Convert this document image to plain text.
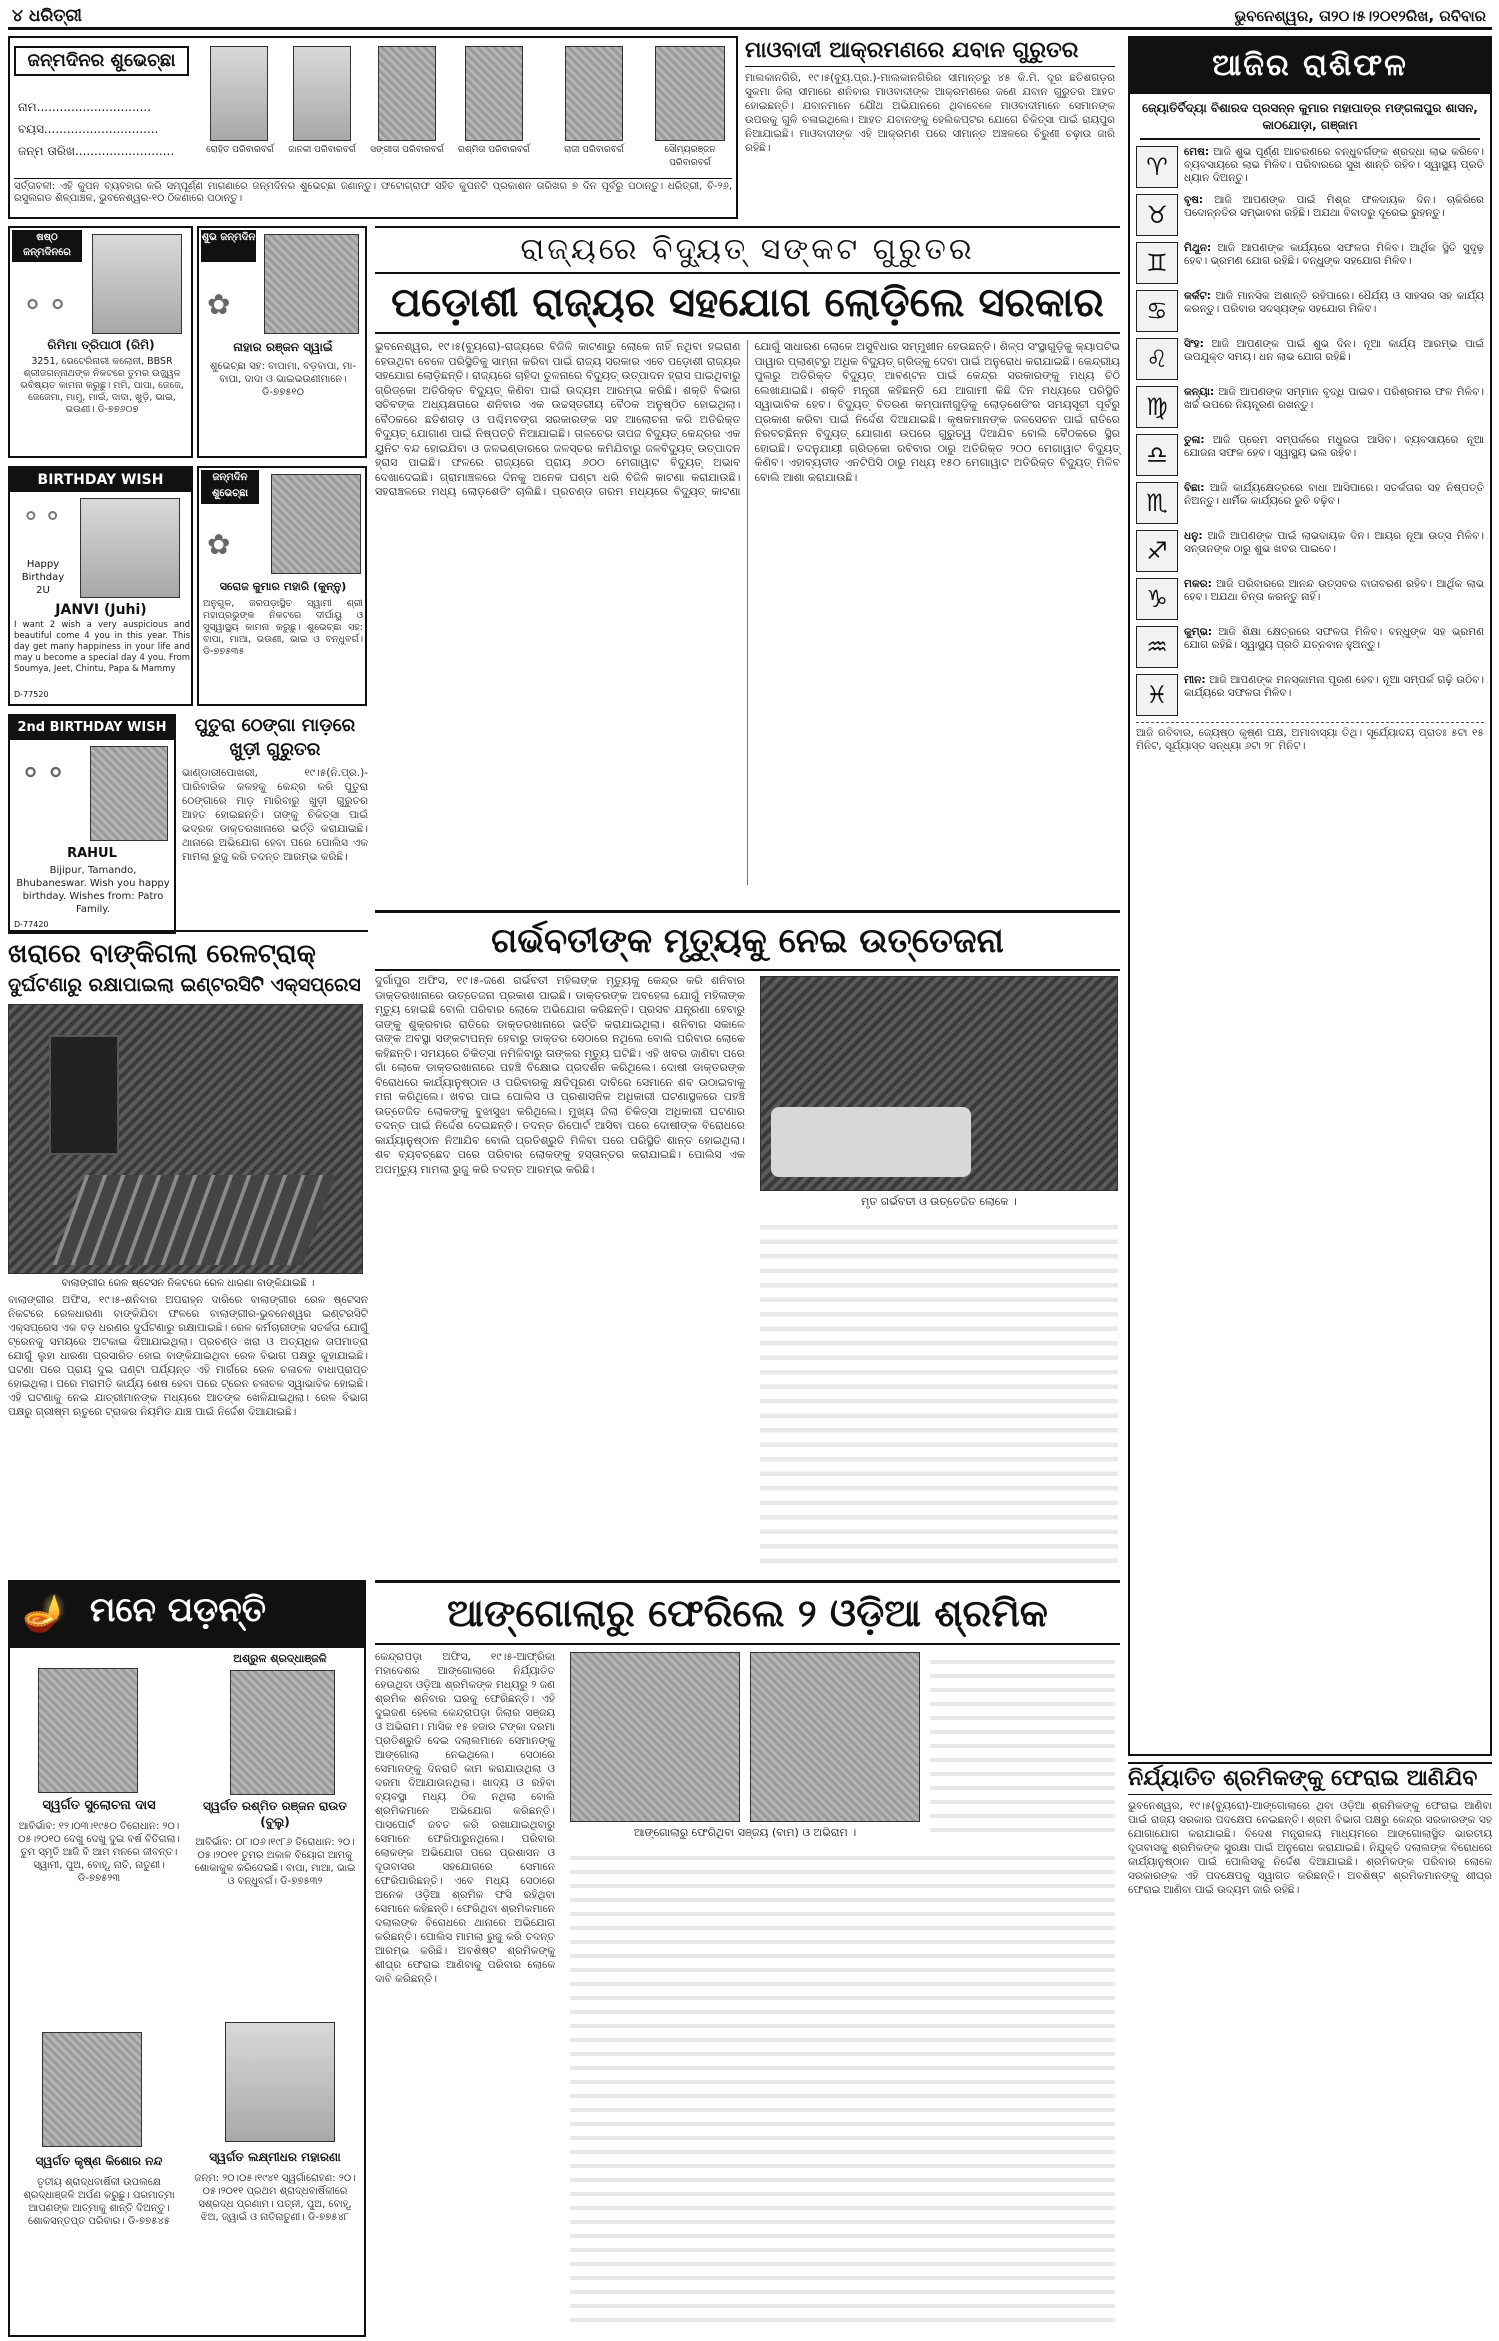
୪ ଧରିତ୍ରୀ	ଭୁବନେଶ୍ୱର, ତା୨୦।୫।୨୦୧୨ରିଖ, ରବିବାର
ଜନ୍ମଦିନର ଶୁଭେଚ୍ଛା
ନାମ..............................
ବୟସ..............................
ଜନ୍ମ ତାରିଖ..........................	ରୋହିତ ପରିବାରବର୍ଗ	ଜାନକୀ ପରିବାରବର୍ଗ	ସଙ୍ଗୀତା ପରିବାରବର୍ଗ	ରଶ୍ମିତା ପରିବାରବର୍ଗ	ରାଜୀ ପରିବାରବର୍ଗ	ସୌମ୍ୟରଞ୍ଜନ ପରିବାରବର୍ଗ
ସର୍ତ୍ତାବଳୀ: ଏହି କୁପନ ବ୍ୟବହାର କରି ସମ୍ପୂର୍ଣ୍ଣ ମାଗଣାରେ ଜନ୍ମଦିନର ଶୁଭେଚ୍ଛା ଜଣାନ୍ତୁ। ଫଟୋଗ୍ରାଫ ସହିତ କୁପନଟି ପ୍ରକାଶନ ତାରିଖର ୭ ଦିନ ପୂର୍ବରୁ ପଠାନ୍ତୁ। ଧରିତ୍ରୀ, ବି-୨୬, ରସୁଲଗଡ ଶିଳ୍ପାଞ୍ଚଳ, ଭୁବନେଶ୍ୱର-୧୦ ଠିକଣାରେ ପଠାନ୍ତୁ।
ଷଷ୍ଠ ଜନ୍ମଦିନରେ ଶୁଭେଚ୍ଛା
⚬⚬
ରିମିମା ତ୍ରିପାଠୀ (ରିମି)
3251, ଭେଟେରିନାରୀ କଲୋନୀ, BBSR ଶ୍ରୀଜଗନ୍ନାଥଙ୍କ ନିକଟରେ ତୁମର ଉଜ୍ଜ୍ୱଳ ଭବିଷ୍ୟତ କାମନା କରୁଛୁ। ମମି, ପାପା, ଜେଜେ, ଜେଜେମା, ମାମୁ, ମାଇଁ, ଦାଦା, ଖୁଡ଼ି, ଭାଇ, ଭଉଣୀ। ଡି-୭୭୬୦୭
ଶୁଭ ଜନ୍ମଦିନ
✿
ନାହାର ରଞ୍ଜନ ସ୍ୱାଇଁ
ଶୁଭେଚ୍ଛା ସହ: ବାପାମା, ବଡ଼ବାପା, ମା-ବାପା, ଦାଦା ଓ ଭାଇଭଉଣୀମାନେ। ଡି-୭୭୫୧୦
BIRTHDAY WISH
⚬⚬
Happy Birthday 2U
JANVI (Juhi)
I want 2 wish a very auspicious and beautiful come 4 you in this year. This day get many happiness in your life and may u become a special day 4 you. From Soumya, Jeet, Chintu, Papa & Mammy
D-77520
ଜନ୍ମଦିନ ଶୁଭେଚ୍ଛା
✿
ସରୋଜ କୁମାର ମହାରି (କୁନ୍ନୁ)
ଅନୁଗୁଳ, ଜରପଡ଼ାସ୍ଥିତ ସ୍ୱାମୀ ଶ୍ରୀ ମହାପ୍ରଭୁଙ୍କ ନିକଟରେ ଦୀର୍ଘାୟୁ ଓ ସୁସ୍ୱାସ୍ଥ୍ୟ କାମନା କରୁଛୁ। ଶୁଭେଚ୍ଛା ସହ: ବାପା, ମାଆ, ଭଉଣୀ, ଭାଇ ଓ ବନ୍ଧୁବର୍ଗ। ଡି-୭୭୫୩୫
2nd BIRTHDAY WISH
⚬⚬
RAHUL
Bijipur, Tamando, Bhubaneswar. Wish you happy birthday. Wishes from: Patro Family.
D-77420
ପୁତୁରା ଠେଙ୍ଗା ମାଡ଼ରେ ଖୁଡ଼ୀ ଗୁରୁତର
ଭାଣ୍ଡାରୀପୋଖରୀ, ୧୯।୫(ନି.ପ୍ର.)-ପାରିବାରିକ କଳହକୁ କେନ୍ଦ୍ର କରି ପୁତୁରା ଠେଙ୍ଗାରେ ମାଡ଼ ମାରିବାରୁ ଖୁଡ଼ୀ ଗୁରୁତର ଆହତ ହୋଇଛନ୍ତି। ତାଙ୍କୁ ଚିକିତ୍ସା ପାଇଁ ଭଦ୍ରକ ଡାକ୍ତରଖାନାରେ ଭର୍ତ୍ତି କରାଯାଇଛି। ଥାନାରେ ଅଭିଯୋଗ ହେବା ପରେ ପୋଲିସ ଏକ ମାମଲା ରୁଜୁ କରି ତଦନ୍ତ ଆରମ୍ଭ କରିଛି।
ଖରାରେ ବାଙ୍କିଗଲା ରେଳଟ୍ରାକ୍
ଦୁର୍ଘଟଣାରୁ ରକ୍ଷାପାଇଲା ଇଣ୍ଟରସିଟି ଏକ୍ସପ୍ରେସ
ବାଲାଙ୍ଗୀର ରେଳ ଷ୍ଟେସନ ନିକଟରେ ରେଳ ଧାରଣା ବାଙ୍କିଯାଇଛି ।
ବାଲାଙ୍ଗୀର ଅଫିସ, ୧୯।୫-ଶନିବାର ଅପରାହ୍ନ ଦାରିରେ ବାଲାଙ୍ଗୀର ରେଳ ଷ୍ଟେସନ ନିକଟରେ ରେଳଧାରଣା ବାଙ୍କିଯିବା ଫଳରେ ବାଲାଙ୍ଗୀର-ଭୁବନେଶ୍ୱର ଇଣ୍ଟରସିଟି ଏକ୍ସପ୍ରେସ ଏକ ବଡ଼ ଧରଣର ଦୁର୍ଘଟଣାରୁ ରକ୍ଷାପାଇଛି। ରେଳ କର୍ମଚାରୀଙ୍କ ସତର୍କତା ଯୋଗୁଁ ଟ୍ରେନକୁ ସମୟରେ ଅଟକାଇ ଦିଆଯାଇଥିଲା। ପ୍ରଚଣ୍ଡ ଖରା ଓ ଅତ୍ୟଧିକ ତାପମାତ୍ରା ଯୋଗୁଁ ଲୁହା ଧାରଣା ପ୍ରସାରିତ ହୋଇ ବାଙ୍କିଯାଇଥିବା ରେଳ ବିଭାଗ ପକ୍ଷରୁ କୁହାଯାଇଛି। ଘଟଣା ପରେ ପ୍ରାୟ ଦୁଇ ଘଣ୍ଟା ପର୍ଯ୍ୟନ୍ତ ଏହି ମାର୍ଗରେ ରେଳ ଚଳାଚଳ ବାଧାପ୍ରାପ୍ତ ହୋଇଥିଲା। ପରେ ମରାମତି କାର୍ଯ୍ୟ ଶେଷ ହେବା ପରେ ଟ୍ରେନ ଚଳାଚଳ ସ୍ୱାଭାବିକ ହୋଇଛି। ଏହି ଘଟଣାକୁ ନେଇ ଯାତ୍ରୀମାନଙ୍କ ମଧ୍ୟରେ ଆତଙ୍କ ଖେଳିଯାଇଥିଲା। ରେଳ ବିଭାଗ ପକ୍ଷରୁ ଗ୍ରୀଷ୍ମ ଋତୁରେ ଟ୍ରାକର ନିୟମିତ ଯାଞ୍ଚ ପାଇଁ ନିର୍ଦ୍ଦେଶ ଦିଆଯାଇଛି।
ମାଓବାଦୀ ଆକ୍ରମଣରେ ଯବାନ ଗୁରୁତର
ମାଲକାନଗିରି, ୧୯।୫(ବ୍ୟୁ.ପ୍ର.)-ମାଲକାନଗିରିର ସୀମାନ୍ତରୁ ୪୫ କି.ମି. ଦୂର ଛତିଶଗଡ଼ର ସୁକମା ଜିଲା ସୀମାରେ ଶନିବାର ମାଓବାଦୀଙ୍କ ଆକ୍ରମଣରେ ଜଣେ ଯବାନ ଗୁରୁତର ଆହତ ହୋଇଛନ୍ତି। ଯବାନମାନେ ଯୌଥ ଅଭିଯାନରେ ଥିବାବେଳେ ମାଓବାଦୀମାନେ ସେମାନଙ୍କ ଉପରକୁ ଗୁଳି ଚଳାଇଥିଲେ। ଆହତ ଯବାନଙ୍କୁ ହେଲିକପ୍ଟର ଯୋଗେ ଚିକିତ୍ସା ପାଇଁ ରାୟପୁର ନିଆଯାଇଛି। ମାଓବାଦୀଙ୍କ ଏହି ଆକ୍ରମଣ ପରେ ସୀମାନ୍ତ ଅଞ୍ଚଳରେ ଚିରୁଣୀ ଚଢ଼ାଉ ଜାରି ରହିଛି।
ରାଜ୍ୟରେ ବିଦ୍ୟୁତ୍ ସଙ୍କଟ ଗୁରୁତର
ପଡ଼ୋଶୀ ରାଜ୍ୟର ସହଯୋଗ ଲୋଡ଼ିଲେ ସରକାର
ଭୁବନେଶ୍ୱର, ୧୯।୫(ବ୍ୟୁରୋ)-ରାଜ୍ୟରେ ବିଜିଳି କାଟଣାରୁ ଲୋକେ ନାହିଁ ନଥିବା ହଇରାଣ ହେଉଥିବା ବେଳେ ପରିସ୍ଥିତିକୁ ସାମ୍ନା କରିବା ପାଇଁ ରାଜ୍ୟ ସରକାର ଏବେ ପଡ଼ୋଶୀ ରାଜ୍ୟର ସହଯୋଗ ଲୋଡ଼ିଛନ୍ତି। ରାଜ୍ୟରେ ଚାହିଦା ତୁଳନାରେ ବିଦ୍ୟୁତ୍ ଉତ୍ପାଦନ ହ୍ରାସ ପାଇଥିବାରୁ ଗ୍ରିଡ୍କୋ ଅତିରିକ୍ତ ବିଦ୍ୟୁତ୍ କିଣିବା ପାଇଁ ଉଦ୍ୟମ ଆରମ୍ଭ କରିଛି। ଶକ୍ତି ବିଭାଗ ସଚିବଙ୍କ ଅଧ୍ୟକ୍ଷତାରେ ଶନିବାର ଏକ ଉଚ୍ଚସ୍ତରୀୟ ବୈଠକ ଅନୁଷ୍ଠିତ ହୋଇଥିଲା। ବୈଠକରେ ଛତିଶଗଡ଼ ଓ ପଶ୍ଚିମବଙ୍ଗ ସରକାରଙ୍କ ସହ ଆଲୋଚନା କରି ଅତିରିକ୍ତ ବିଦ୍ୟୁତ୍ ଯୋଗାଣ ପାଇଁ ନିଷ୍ପତ୍ତି ନିଆଯାଇଛି। ତାଳଚେର ତାପଜ ବିଦ୍ୟୁତ୍ କେନ୍ଦ୍ରର ଏକ ୟୁନିଟ ବନ୍ଦ ହୋଇଯିବା ଓ ଜଳଭଣ୍ଡାରରେ ଜଳସ୍ତର କମିଯିବାରୁ ଜଳବିଦ୍ୟୁତ୍ ଉତ୍ପାଦନ ହ୍ରାସ ପାଇଛି। ଫଳରେ ରାଜ୍ୟରେ ପ୍ରାୟ ୬୦୦ ମେଗାୱାଟ ବିଦ୍ୟୁତ୍ ଅଭାବ ଦେଖାଦେଇଛି। ଗ୍ରାମାଞ୍ଚଳରେ ଦିନକୁ ଅନେକ ଘଣ୍ଟା ଧରି ବିଜିଳି କାଟଣା କରାଯାଉଛି। ସହରାଞ୍ଚଳରେ ମଧ୍ୟ ଲୋଡ଼ଶେଡିଂ ଚାଲିଛି। ପ୍ରଚଣ୍ଡ ଗରମ ମଧ୍ୟରେ ବିଦ୍ୟୁତ୍ କାଟଣା ଯୋଗୁଁ ସାଧାରଣ ଲୋକେ ଅସୁବିଧାର ସମ୍ମୁଖୀନ ହେଉଛନ୍ତି। ଶିଳ୍ପ ସଂସ୍ଥାଗୁଡ଼ିକୁ କ୍ୟାପଟିଭ ପାୱାର ପ୍ଲାଣ୍ଟରୁ ଅଧିକ ବିଦ୍ୟୁତ୍ ଗ୍ରିଡ୍କୁ ଦେବା ପାଇଁ ଅନୁରୋଧ କରାଯାଇଛି। କେନ୍ଦ୍ରୀୟ ପୁଲରୁ ଅତିରିକ୍ତ ବିଦ୍ୟୁତ୍ ଆବଣ୍ଟନ ପାଇଁ କେନ୍ଦ୍ର ସରକାରଙ୍କୁ ମଧ୍ୟ ଚିଠି ଲେଖାଯାଇଛି। ଶକ୍ତି ମନ୍ତ୍ରୀ କହିଛନ୍ତି ଯେ ଆଗାମୀ କିଛି ଦିନ ମଧ୍ୟରେ ପରିସ୍ଥିତି ସ୍ୱାଭାବିକ ହେବ। ବିଦ୍ୟୁତ୍ ବିତରଣ କମ୍ପାନୀଗୁଡ଼ିକୁ ଲୋଡ଼ଶେଡିଂର ସମୟସୂଚୀ ପୂର୍ବରୁ ପ୍ରକାଶ କରିବା ପାଇଁ ନିର୍ଦ୍ଦେଶ ଦିଆଯାଇଛି। କୃଷକମାନଙ୍କ ଜଳସେଚନ ପାଇଁ ରାତିରେ ନିରବଚ୍ଛିନ୍ନ ବିଦ୍ୟୁତ୍ ଯୋଗାଣ ଉପରେ ଗୁରୁତ୍ୱ ଦିଆଯିବ ବୋଲି ବୈଠକରେ ସ୍ଥିର ହୋଇଛି। ତଦନୁଯାୟୀ ଗ୍ରିଡ୍କୋ ରବିବାର ଠାରୁ ଅତିରିକ୍ତ ୨୦୦ ମେଗାୱାଟ ବିଦ୍ୟୁତ୍ କିଣିବ। ଏହାବ୍ୟତୀତ ଏନଟିପିସି ଠାରୁ ମଧ୍ୟ ୧୫୦ ମେଗାୱାଟ ଅତିରିକ୍ତ ବିଦ୍ୟୁତ୍ ମିଳିବ ବୋଲି ଆଶା କରାଯାଉଛି।
ଗର୍ଭବତୀଙ୍କ ମୃତ୍ୟୁକୁ ନେଇ ଉତ୍ତେଜନା
ଦୁର୍ଗାପୁର ଅଫିସ, ୧୯।୫-ଜଣେ ଗର୍ଭବତୀ ମହିଳାଙ୍କ ମୃତ୍ୟୁକୁ କେନ୍ଦ୍ର କରି ଶନିବାର ଡାକ୍ତରଖାନାରେ ଉତ୍ତେଜନା ପ୍ରକାଶ ପାଇଛି। ଡାକ୍ତରଙ୍କ ଅବହେଳା ଯୋଗୁଁ ମହିଳାଙ୍କ ମୃତ୍ୟୁ ହୋଇଛି ବୋଲି ପରିବାର ଲୋକେ ଅଭିଯୋଗ କରିଛନ୍ତି। ପ୍ରସବ ଯନ୍ତ୍ରଣା ହେବାରୁ ତାଙ୍କୁ ଶୁକ୍ରବାର ରାତିରେ ଡାକ୍ତରଖାନାରେ ଭର୍ତ୍ତି କରାଯାଇଥିଲା। ଶନିବାର ସକାଳେ ତାଙ୍କ ଅବସ୍ଥା ସଙ୍କଟାପନ୍ନ ହେବାରୁ ଡାକ୍ତର ସେଠାରେ ନଥିଲେ ବୋଲି ପରିବାର ଲୋକେ କହିଛନ୍ତି। ସମୟରେ ଚିକିତ୍ସା ନମିଳିବାରୁ ତାଙ୍କର ମୃତ୍ୟୁ ଘଟିଛି। ଏହି ଖବର ଜାଣିବା ପରେ ଗାଁ ଲୋକେ ଡାକ୍ତରଖାନାରେ ପହଞ୍ଚି ବିକ୍ଷୋଭ ପ୍ରଦର୍ଶନ କରିଥିଲେ। ଦୋଷୀ ଡାକ୍ତରଙ୍କ ବିରୋଧରେ କାର୍ଯ୍ୟାନୁଷ୍ଠାନ ଓ ପରିବାରକୁ କ୍ଷତିପୂରଣ ଦାବିରେ ସେମାନେ ଶବ ଉଠାଇବାକୁ ମନା କରିଥିଲେ। ଖବର ପାଇ ପୋଲିସ ଓ ପ୍ରଶାସନିକ ଅଧିକାରୀ ଘଟଣାସ୍ଥଳରେ ପହଞ୍ଚି ଉତ୍ତେଜିତ ଲୋକଙ୍କୁ ବୁଝାସୁଝା କରିଥିଲେ। ମୁଖ୍ୟ ଜିଲା ଚିକିତ୍ସା ଅଧିକାରୀ ଘଟଣାର ତଦନ୍ତ ପାଇଁ ନିର୍ଦ୍ଦେଶ ଦେଇଛନ୍ତି। ତଦନ୍ତ ରିପୋର୍ଟ ଆସିବା ପରେ ଦୋଷୀଙ୍କ ବିରୋଧରେ କାର୍ଯ୍ୟାନୁଷ୍ଠାନ ନିଆଯିବ ବୋଲି ପ୍ରତିଶ୍ରୁତି ମିଳିବା ପରେ ପରିସ୍ଥିତି ଶାନ୍ତ ହୋଇଥିଲା। ଶବ ବ୍ୟବଚ୍ଛେଦ ପରେ ପରିବାର ଲୋକଙ୍କୁ ହସ୍ତାନ୍ତର କରାଯାଇଛି। ପୋଲିସ ଏକ ଅପମୃତ୍ୟୁ ମାମଲା ରୁଜୁ କରି ତଦନ୍ତ ଆରମ୍ଭ କରିଛି।
ମୃତ ଗର୍ଭବତୀ ଓ ଉତ୍ତେଜିତ ଲୋକେ ।
ଆଜିର ରାଶିଫଳ
ଜ୍ୟୋତିର୍ବିଦ୍ୟା ବିଶାରଦ ପ୍ରସନ୍ନ କୁମାର ମହାପାତ୍ର ମଙ୍ଗଳାପୁର ଶାସନ, କାଠଯୋଡ଼ା, ଗଞ୍ଜାମ
♈
ମେଷ: ଆଜି ଶୁଭ ପୂର୍ଣ୍ଣ ଆଚରଣରେ ବନ୍ଧୁବର୍ଗଙ୍କ ଶ୍ରଦ୍ଧା ଲାଭ କରିବେ। ବ୍ୟବସାୟରେ ଲାଭ ମିଳିବ। ପରିବାରରେ ସୁଖ ଶାନ୍ତି ରହିବ। ସ୍ୱାସ୍ଥ୍ୟ ପ୍ରତି ଧ୍ୟାନ ଦିଅନ୍ତୁ।
♉
ବୃଷ: ଆଜି ଆପଣଙ୍କ ପାଇଁ ମିଶ୍ର ଫଳଦାୟକ ଦିନ। ଚାକିରିରେ ପଦୋନ୍ନତିର ସମ୍ଭାବନା ରହିଛି। ଅଯଥା ବିବାଦରୁ ଦୂରେଇ ରୁହନ୍ତୁ।
♊
ମିଥୁନ: ଆଜି ଆପଣଙ୍କ କାର୍ଯ୍ୟରେ ସଫଳତା ମିଳିବ। ଆର୍ଥିକ ସ୍ଥିତି ସୁଦୃଢ଼ ହେବ। ଭ୍ରମଣ ଯୋଗ ରହିଛି। ବନ୍ଧୁଙ୍କ ସହଯୋଗ ମିଳିବ।
♋
କର୍କଟ: ଆଜି ମାନସିକ ଅଶାନ୍ତି ରହିପାରେ। ଧୈର୍ଯ୍ୟ ଓ ସାହସର ସହ କାର୍ଯ୍ୟ କରନ୍ତୁ। ପରିବାର ସଦସ୍ୟଙ୍କ ସହଯୋଗ ମିଳିବ।
♌
ସିଂହ: ଆଜି ଆପଣଙ୍କ ପାଇଁ ଶୁଭ ଦିନ। ନୂଆ କାର୍ଯ୍ୟ ଆରମ୍ଭ ପାଇଁ ଉପଯୁକ୍ତ ସମୟ। ଧନ ଲାଭ ଯୋଗ ରହିଛି।
♍
କନ୍ୟା: ଆଜି ଆପଣଙ୍କ ସମ୍ମାନ ବୃଦ୍ଧି ପାଇବ। ପରିଶ୍ରମର ଫଳ ମିଳିବ। ଖର୍ଚ୍ଚ ଉପରେ ନିୟନ୍ତ୍ରଣ ରଖନ୍ତୁ।
♎
ତୁଳା: ଆଜି ପ୍ରେମ ସମ୍ପର୍କରେ ମଧୁରତା ଆସିବ। ବ୍ୟବସାୟରେ ନୂଆ ଯୋଜନା ସଫଳ ହେବ। ସ୍ୱାସ୍ଥ୍ୟ ଭଲ ରହିବ।
♏
ବିଛା: ଆଜି କାର୍ଯ୍ୟକ୍ଷେତ୍ରରେ ବାଧା ଆସିପାରେ। ସତର୍କତାର ସହ ନିଷ୍ପତ୍ତି ନିଅନ୍ତୁ। ଧାର୍ମିକ କାର୍ଯ୍ୟରେ ରୁଚି ବଢ଼ିବ।
♐
ଧନୁ: ଆଜି ଆପଣଙ୍କ ପାଇଁ ଲାଭଦାୟକ ଦିନ। ଆୟର ନୂଆ ଉତ୍ସ ମିଳିବ। ସନ୍ତାନଙ୍କ ଠାରୁ ଶୁଭ ଖବର ପାଇବେ।
♑
ମକର: ଆଜି ପରିବାରରେ ଆନନ୍ଦ ଉତ୍ସବର ବାତାବରଣ ରହିବ। ଆର୍ଥିକ ଲାଭ ହେବ। ଅଯଥା ଚିନ୍ତା କରନ୍ତୁ ନାହିଁ।
♒
କୁମ୍ଭ: ଆଜି ଶିକ୍ଷା କ୍ଷେତ୍ରରେ ସଫଳତା ମିଳିବ। ବନ୍ଧୁଙ୍କ ସହ ଭ୍ରମଣ ଯୋଗ ରହିଛି। ସ୍ୱାସ୍ଥ୍ୟ ପ୍ରତି ଯତ୍ନବାନ ହୁଅନ୍ତୁ।
♓
ମୀନ: ଆଜି ଆପଣଙ୍କ ମନସ୍କାମନା ପୂରଣ ହେବ। ନୂଆ ସମ୍ପର୍କ ଗଢ଼ି ଉଠିବ। କାର୍ଯ୍ୟରେ ସଫଳତା ମିଳିବ।
ଆଜି ରବିବାର, ଜ୍ୟେଷ୍ଠ କୃଷ୍ଣ ପକ୍ଷ, ଅମାବାସ୍ୟା ତିଥି। ସୂର୍ଯ୍ୟୋଦୟ ପ୍ରାତଃ ୫ଟା ୧୫ ମିନିଟ, ସୂର୍ଯ୍ୟାସ୍ତ ସନ୍ଧ୍ୟା ୬ଟା ୨୮ ମିନିଟ।
ନିର୍ଯ୍ୟାତିତ ଶ୍ରମିକଙ୍କୁ ଫେରାଇ ଆଣିଯିବ
ଭୁବନେଶ୍ୱର, ୧୯।୫(ବ୍ୟୁରୋ)-ଆଙ୍ଗୋଲାରେ ଥିବା ଓଡ଼ିଆ ଶ୍ରମିକଙ୍କୁ ଫେରାଇ ଆଣିବା ପାଇଁ ରାଜ୍ୟ ସରକାର ପଦକ୍ଷେପ ନେଇଛନ୍ତି। ଶ୍ରମ ବିଭାଗ ପକ୍ଷରୁ କେନ୍ଦ୍ର ସରକାରଙ୍କ ସହ ଯୋଗାଯୋଗ କରାଯାଇଛି। ବିଦେଶ ମନ୍ତ୍ରାଳୟ ମାଧ୍ୟମରେ ଆଙ୍ଗୋଲାସ୍ଥିତ ଭାରତୀୟ ଦୂତାବାସକୁ ଶ୍ରମିକଙ୍କ ସୁରକ୍ଷା ପାଇଁ ଅନୁରୋଧ କରାଯାଇଛି। ନିଯୁକ୍ତି ଦଲାଲଙ୍କ ବିରୋଧରେ କାର୍ଯ୍ୟାନୁଷ୍ଠାନ ପାଇଁ ପୋଲିସକୁ ନିର୍ଦ୍ଦେଶ ଦିଆଯାଇଛି। ଶ୍ରମିକଙ୍କ ପରିବାର ଲୋକେ ସରକାରଙ୍କ ଏହି ପଦକ୍ଷେପକୁ ସ୍ୱାଗତ କରିଛନ୍ତି। ଅବଶିଷ୍ଟ ଶ୍ରମିକମାନଙ୍କୁ ଶୀଘ୍ର ଫେରାଇ ଆଣିବା ପାଇଁ ଉଦ୍ୟମ ଜାରି ରହିଛି।
🪔 ମନେ ପଡ଼ନ୍ତି
ଅଶ୍ରୁଳ ଶ୍ରଦ୍ଧାଞ୍ଜଳି
ସ୍ୱର୍ଗତ ସୁଲୋଚନା ଦାସ	ସ୍ୱର୍ଗତ ରଶ୍ମିତ ରଞ୍ଜନ ରାଉତ (ବୁଲୁ)
ଆବିର୍ଭାବ: ୧୨।୦୩।୧୯୫୦ ତିରୋଧାନ: ୨୦।୦୫।୨୦୧୦ ଦେଖୁ ଦେଖୁ ଦୁଇ ବର୍ଷ ବିତିଗଲା। ତୁମ ସ୍ମୃତି ଆଜି ବି ଆମ ମନରେ ଜୀବନ୍ତ। ସ୍ୱାମୀ, ପୁଅ, ବୋହୂ, ନାତି, ନାତୁଣୀ। ଡି-୭୭୫୨୩
ଆବିର୍ଭାବ: ୦୮।୦୬।୧୯୮୬ ତିରୋଧାନ: ୨୦।୦୫।୨୦୧୧ ତୁମର ଅକାଳ ବିୟୋଗ ଆମକୁ ଶୋକାକୁଳ କରିଦେଇଛି। ବାପା, ମାଆ, ଭାଇ ଓ ବନ୍ଧୁବର୍ଗ। ଡି-୭୭୫୩୨
ସ୍ୱର୍ଗତ କୃଷ୍ଣ କିଶୋର ନନ୍ଦ	ସ୍ୱର୍ଗତ ଲକ୍ଷ୍ମୀଧର ମହାରଣା
ତୃତୀୟ ଶ୍ରାଦ୍ଧବାର୍ଷିକୀ ଉପଲକ୍ଷେ ଶ୍ରଦ୍ଧାଞ୍ଜଳି ଅର୍ପଣ କରୁଛୁ। ପରମାତ୍ମା ଆପଣଙ୍କ ଆତ୍ମାକୁ ଶାନ୍ତି ଦିଅନ୍ତୁ। ଶୋକସନ୍ତପ୍ତ ପରିବାର। ଡି-୭୭୫୪୫
ଜନ୍ମ: ୨୦।୦୫।୧୯୪୧ ସ୍ୱର୍ଗାରୋହଣ: ୨୦।୦୫।୨୦୧୧ ପ୍ରଥମ ଶ୍ରାଦ୍ଧବାର୍ଷିକୀରେ ସଶ୍ରଦ୍ଧ ପ୍ରଣାମ। ପତ୍ନୀ, ପୁଅ, ବୋହୂ, ଝିଅ, ଜ୍ୱାଇଁ ଓ ନାତିନାତୁଣୀ। ଡି-୭୭୫୪୮
ଆଙ୍ଗୋଲାରୁ ଫେରିଲେ ୨ ଓଡ଼ିଆ ଶ୍ରମିକ
କେନ୍ଦ୍ରାପଡ଼ା ଅଫିସ, ୧୯।୫-ଆଫ୍ରିକା ମହାଦେଶର ଆଙ୍ଗୋଲାରେ ନିର୍ଯ୍ୟାତିତ ହେଉଥିବା ଓଡ଼ିଆ ଶ୍ରମିକଙ୍କ ମଧ୍ୟରୁ ୨ ଜଣ ଶ୍ରମିକ ଶନିବାର ଘରକୁ ଫେରିଛନ୍ତି। ଏହି ଦୁଇଜଣ ହେଲେ କେନ୍ଦ୍ରାପଡ଼ା ଜିଲାର ସଞ୍ଜୟ ଓ ଅଭିରାମ। ମାସିକ ୧୫ ହଜାର ଟଙ୍କା ଦରମା ପ୍ରତିଶ୍ରୁତି ଦେଇ ଦଲାଲମାନେ ସେମାନଙ୍କୁ ଆଙ୍ଗୋଲା ନେଇଥିଲେ। ସେଠାରେ ସେମାନଙ୍କୁ ଦିନରାତି କାମ କରାଯାଉଥିଲା ଓ ଦରମା ଦିଆଯାଉନଥିଲା। ଖାଦ୍ୟ ଓ ରହିବା ବ୍ୟବସ୍ଥା ମଧ୍ୟ ଠିକ ନଥିଲା ବୋଲି ଶ୍ରମିକମାନେ ଅଭିଯୋଗ କରିଛନ୍ତି। ପାସପୋର୍ଟ ଜବତ କରି ରଖାଯାଇଥିବାରୁ ସେମାନେ ଫେରିପାରୁନଥିଲେ। ପରିବାର ଲୋକଙ୍କ ଅଭିଯୋଗ ପରେ ପ୍ରଶାସନ ଓ ଦୂତାବାସର ସହଯୋଗରେ ସେମାନେ ଫେରିପାରିଛନ୍ତି। ଏବେ ମଧ୍ୟ ସେଠାରେ ଅନେକ ଓଡ଼ିଆ ଶ୍ରମିକ ଫସି ରହିଥିବା ସେମାନେ କହିଛନ୍ତି। ଫେରିଥିବା ଶ୍ରମିକମାନେ ଦଲାଲଙ୍କ ବିରୋଧରେ ଥାନାରେ ଅଭିଯୋଗ କରିଛନ୍ତି। ପୋଲିସ ମାମଲା ରୁଜୁ କରି ତଦନ୍ତ ଆରମ୍ଭ କରିଛି। ଅବଶିଷ୍ଟ ଶ୍ରମିକଙ୍କୁ ଶୀଘ୍ର ଫେରାଇ ଆଣିବାକୁ ପରିବାର ଲୋକେ ଦାବି କରିଛନ୍ତି।
ଆଙ୍ଗୋଲାରୁ ଫେରିଥିବା ସଞ୍ଜୟ (ବାମ) ଓ ଅଭିରାମ ।
